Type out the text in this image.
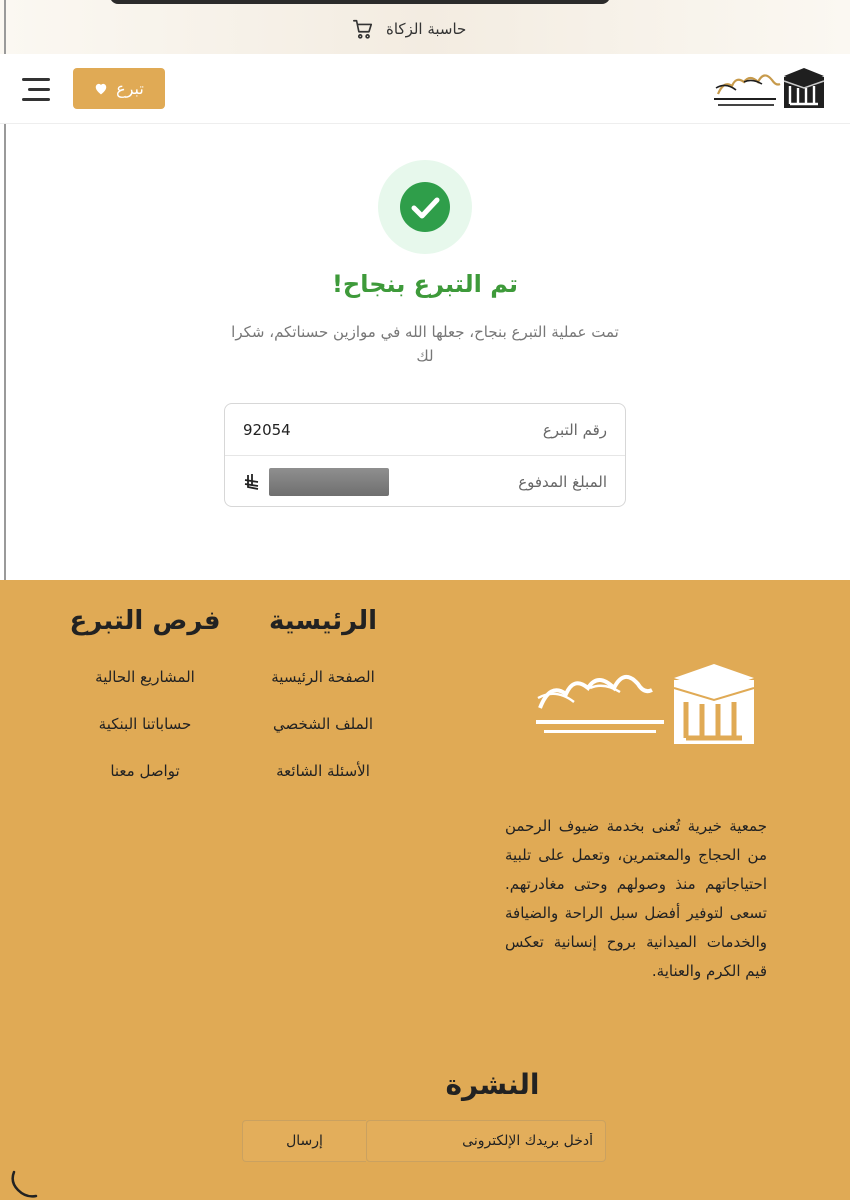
حاسبة الزكاة
تبرع
تم التبرع بنجاح!

تمت عملية التبرع بنجاح، جعلها الله في موازين حسناتكم، شكرا لك

رقم التبرع
92054
المبلغ المدفوع
الرئيسية
الصفحة الرئيسية
الملف الشخصي
الأسئلة الشائعة
فرص التبرع
المشاريع الحالية
حساباتنا البنكية
تواصل معنا

جمعية خيرية تُعنى بخدمة ضيوف الرحمن من الحجاج والمعتمرين، وتعمل على تلبية احتياجاتهم منذ وصولهم وحتى مغادرتهم. تسعى لتوفير أفضل سبل الراحة والضيافة والخدمات الميدانية بروح إنسانية تعكس قيم الكرم والعناية.

النشرة
أدخل بريدك الإلكترونى
إرسال
